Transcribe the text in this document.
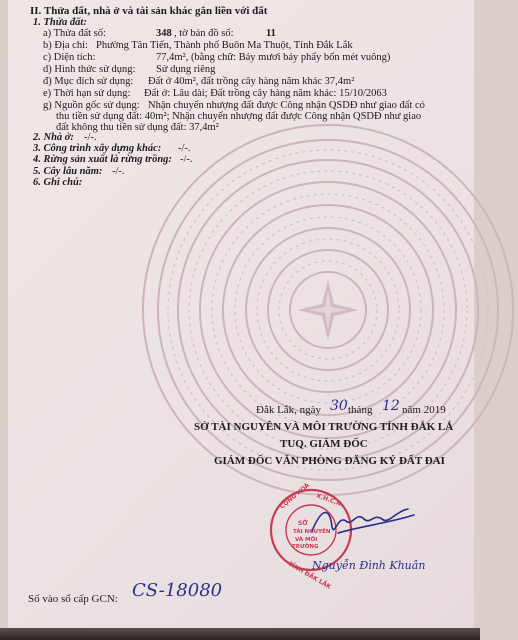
II. Thửa đất, nhà ở và tài sản khác gắn liền với đất
1. Thửa đất:
a) Thửa đất số:	348 , tờ bản đồ số:	11
b) Địa chỉ: Phường Tân Tiến, Thành phố Buôn Ma Thuột, Tỉnh Đắk Lắk
c) Diện tích:	77,4m², (bằng chữ: Bảy mươi bảy phẩy bốn mét vuông)
d) Hình thức sử dụng: Sử dụng riêng
đ) Mục đích sử dụng: Đất ở 40m², đất trồng cây hàng năm khác 37,4m²
e) Thời hạn sử dụng: Đất ở: Lâu dài; Đất trồng cây hàng năm khác: 15/10/2063
g) Nguồn gốc sử dụng: Nhận chuyển nhượng đất được Công nhận QSDĐ như giao đất có
thu tiền sử dụng đất: 40m²; Nhận chuyển nhượng đất được Công nhận QSDĐ như giao
đất không thu tiền sử dụng đất: 37,4m²
2. Nhà ở: -/-.
3. Công trình xây dựng khác: -/-.
4. Rừng sản xuất là rừng trồng: -/-.
5. Cây lâu năm: -/-.
6. Ghi chú:
Đắk Lắk, ngày 30 tháng 12 năm 2019
SỞ TÀI NGUYÊN VÀ MÔI TRƯỜNG TỈNH ĐẮK LẮ
TUQ. GIÁM ĐỐC
GIÁM ĐỐC VĂN PHÒNG ĐĂNG KÝ ĐẤT ĐAI
CỘNG HOÀ X.H.C.N.
TỈNH ĐẮK LẮK
SỞ
TÀI NGUYÊN
VÀ MÔI
TRƯỜNG
Nguyễn Đình Khuân
Số vào sổ cấp GCN: CS-18080
